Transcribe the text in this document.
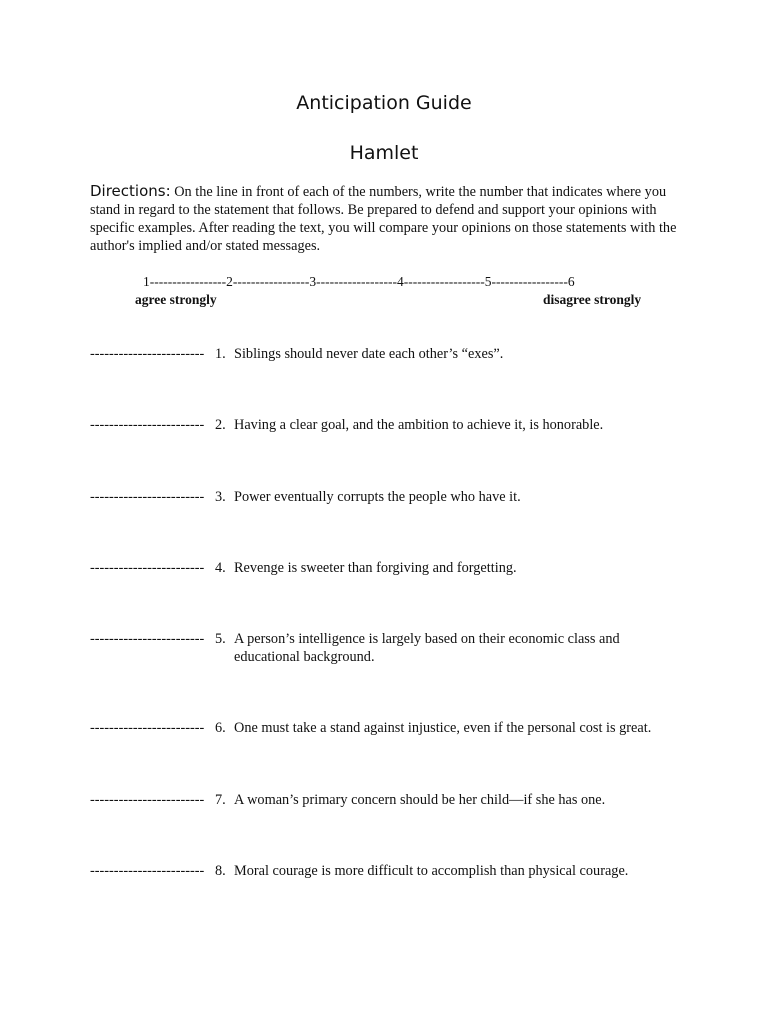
Anticipation Guide
Hamlet

Directions: On the line in front of each of the numbers, write the number that indicates where you stand in regard to the statement that follows. Be prepared to defend and support your opinions with specific examples. After reading the text, you will compare your opinions on those statements with the author's implied and/or stated messages.

1-----------------2-----------------3------------------4------------------5-----------------6
agree strongly	disagree strongly
------------------------ 1. Siblings should never date each other’s “exes”.
------------------------ 2. Having a clear goal, and the ambition to achieve it, is honorable.
------------------------ 3. Power eventually corrupts the people who have it.
------------------------ 4. Revenge is sweeter than forgiving and forgetting.
------------------------ 5. A person’s intelligence is largely based on their economic class and educational background.
------------------------ 6. One must take a stand against injustice, even if the personal cost is great.
------------------------ 7. A woman’s primary concern should be her child—if she has one.
------------------------ 8. Moral courage is more difficult to accomplish than physical courage.
